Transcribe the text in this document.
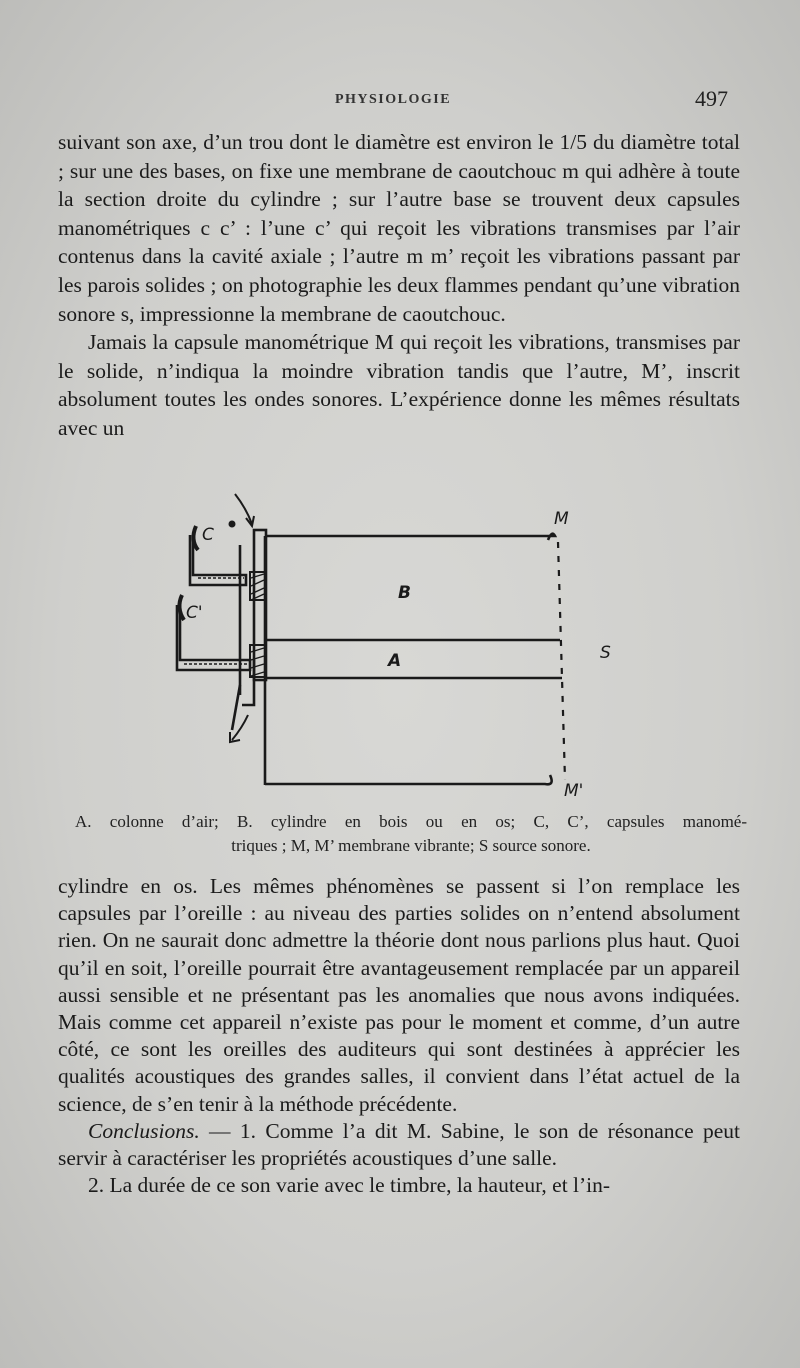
PHYSIOLOGIE	497

suivant son axe, d’un trou dont le diamètre est environ le 1/5 du diamètre total ; sur une des bases, on fixe une membrane de caoutchouc m qui adhère à toute la section droite du cylindre ; sur l’autre base se trouvent deux capsules manométriques c c’ : l’une c’ qui reçoit les vibrations transmises par l’air contenus dans la cavité axiale ; l’autre m m’ reçoit les vibrations passant par les parois solides ; on photographie les deux flammes pendant qu’une vibration sonore s, impressionne la membrane de caoutchouc.

Jamais la capsule manométrique M qui reçoit les vibrations, transmises par le solide, n’indiqua la moindre vibration tandis que l’autre, M’, inscrit absolument toutes les ondes sonores. L’expérience donne les mêmes résultats avec un

C
C'
B
A
M
M'
S
A. colonne d’air; B. cylindre en bois ou en os; C, C’, capsules manomé-
triques ; M, M’ membrane vibrante; S source sonore.

cylindre en os. Les mêmes phénomènes se passent si l’on remplace les capsules par l’oreille : au niveau des parties solides on n’entend absolument rien. On ne saurait donc admettre la théorie dont nous parlions plus haut. Quoi qu’il en soit, l’oreille pourrait être avantageusement remplacée par un appareil aussi sensible et ne présentant pas les anomalies que nous avons indiquées. Mais comme cet appareil n’existe pas pour le moment et comme, d’un autre côté, ce sont les oreilles des auditeurs qui sont destinées à apprécier les qualités acoustiques des grandes salles, il convient dans l’état actuel de la science, de s’en tenir à la méthode précédente.

Conclusions. — 1. Comme l’a dit M. Sabine, le son de résonance peut servir à caractériser les propriétés acoustiques d’une salle.

2. La durée de ce son varie avec le timbre, la hauteur, et l’in-
